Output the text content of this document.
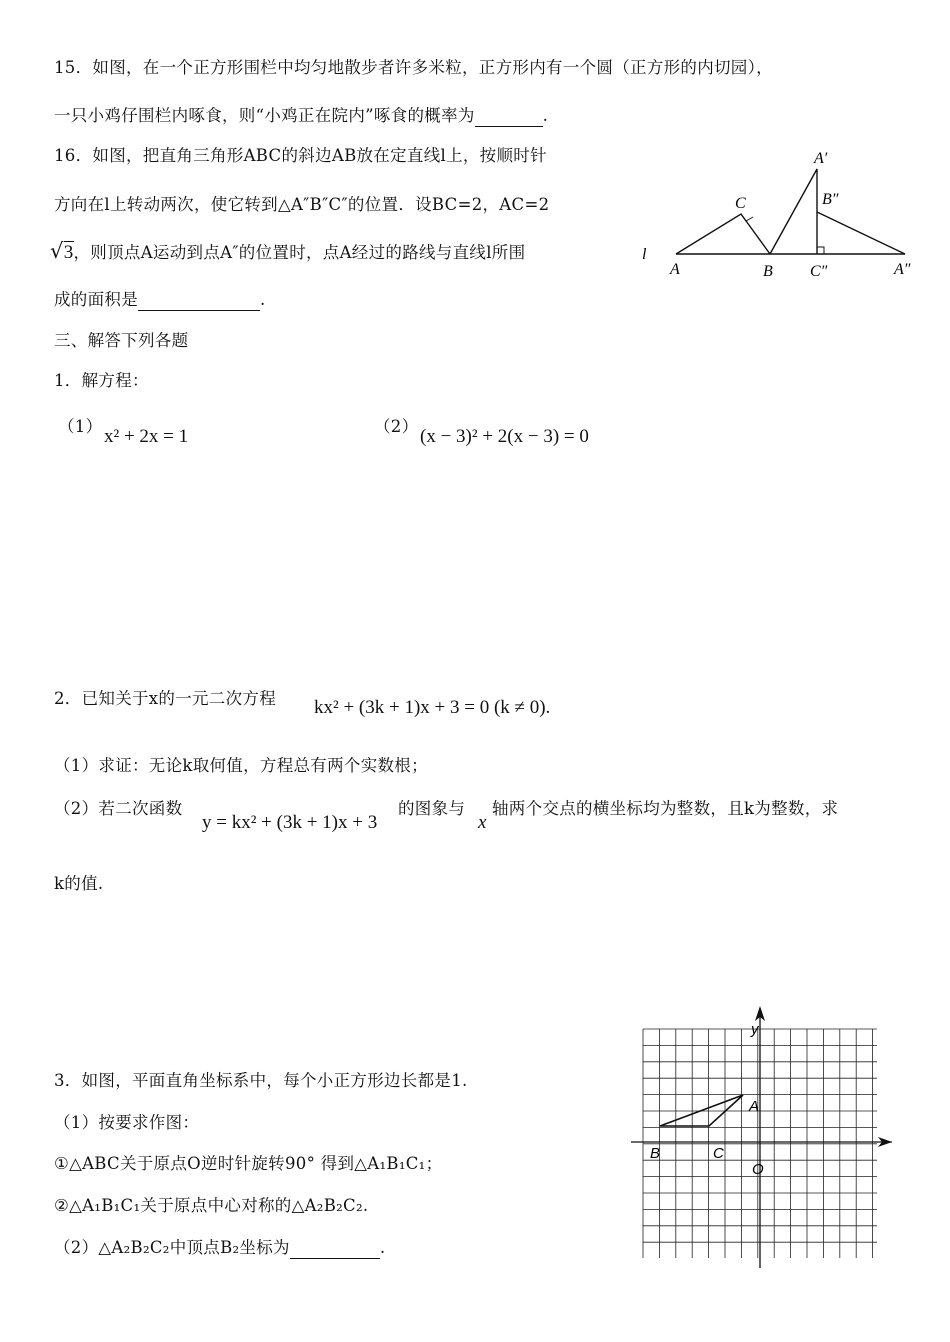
15．如图，在一个正方形围栏中均匀地散步者许多米粒，正方形内有一个圆（正方形的内切园），
一只小鸡仔围栏内啄食，则“小鸡正在院内”啄食的概率为	.
16．如图，把直角三角形ABC的斜边AB放在定直线l上，按顺时针
方向在l上转动两次，使它转到△A″B″C″的位置．设BC=2，AC=2
√3，则顶点A运动到点A″的位置时，点A经过的路线与直线l所围
成的面积是	.
A	B
C
A′
B″
C″	A″
l
三、解答下列各题
1．解方程：
（1） x² + 2x = 1	（2） (x − 3)² + 2(x − 3) = 0
2．已知关于x的一元二次方程 kx² + (3k + 1)x + 3 = 0 (k ≠ 0).
（1）求证：无论k取何值，方程总有两个实数根；
（2）若二次函数
y = kx² + (3k + 1)x + 3
的图象与
x
轴两个交点的横坐标均为整数，且k为整数，求
k的值.
3．如图，平面直角坐标系中，每个小正方形边长都是1.
（1）按要求作图：
①△ABC关于原点O逆时针旋转90° 得到△A₁B₁C₁；
②△A₁B₁C₁关于原点中心对称的△A₂B₂C₂.
（2）△A₂B₂C₂中顶点B₂坐标为	.
y
A
B	C
O
